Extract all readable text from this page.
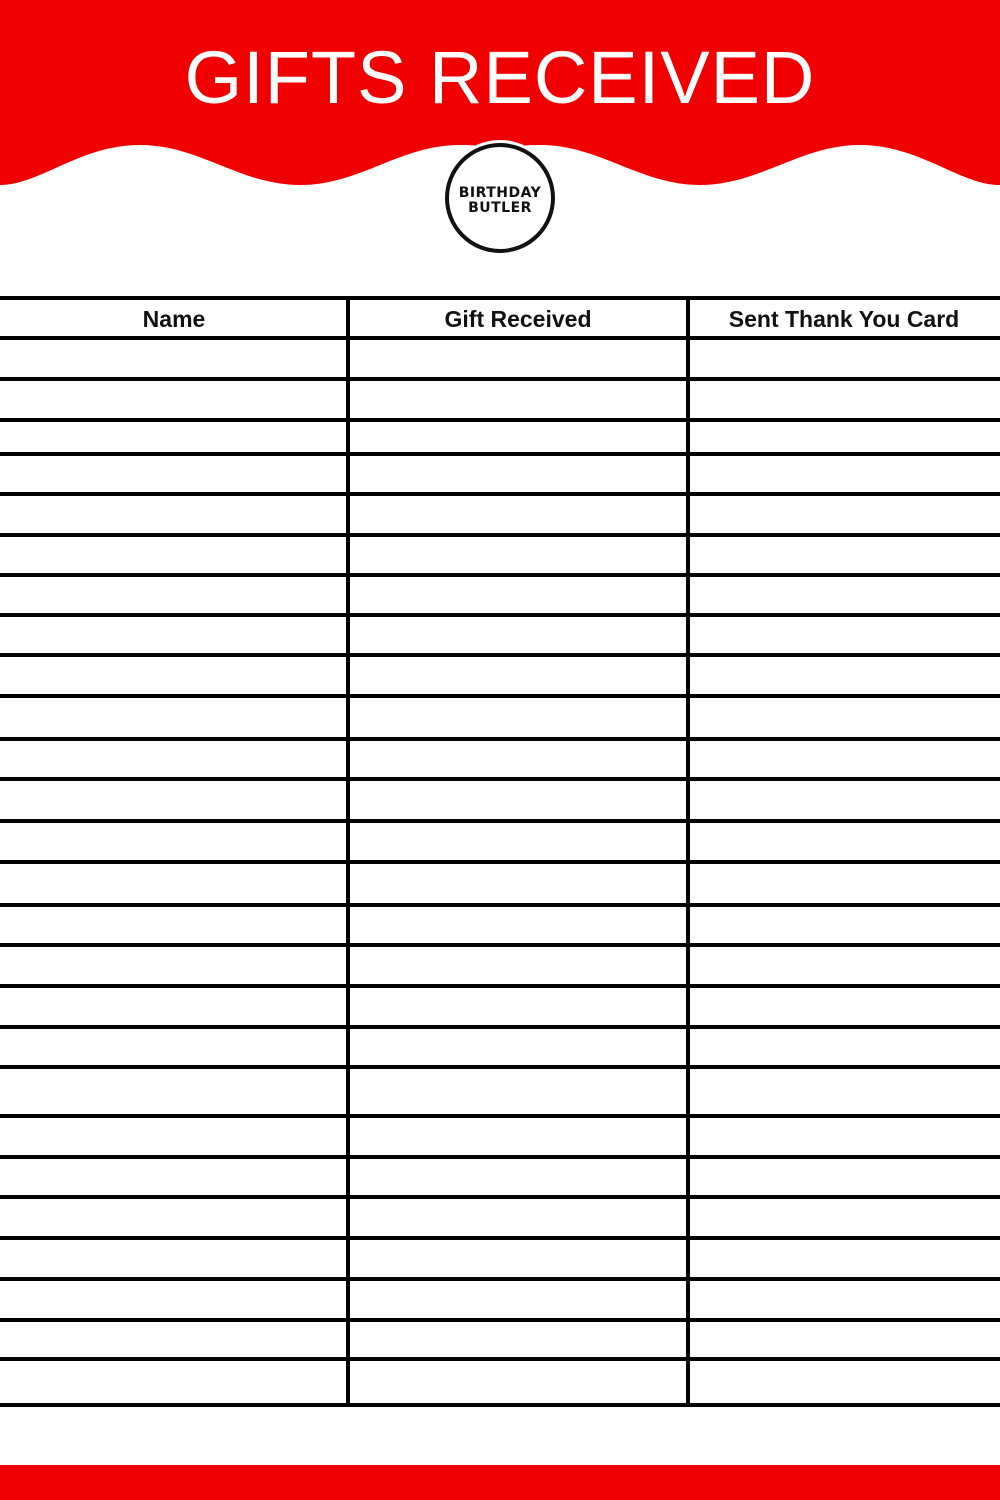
GIFTS RECEIVED
BIRTHDAY
BUTLER
Name	Gift Received	Sent Thank You Card
